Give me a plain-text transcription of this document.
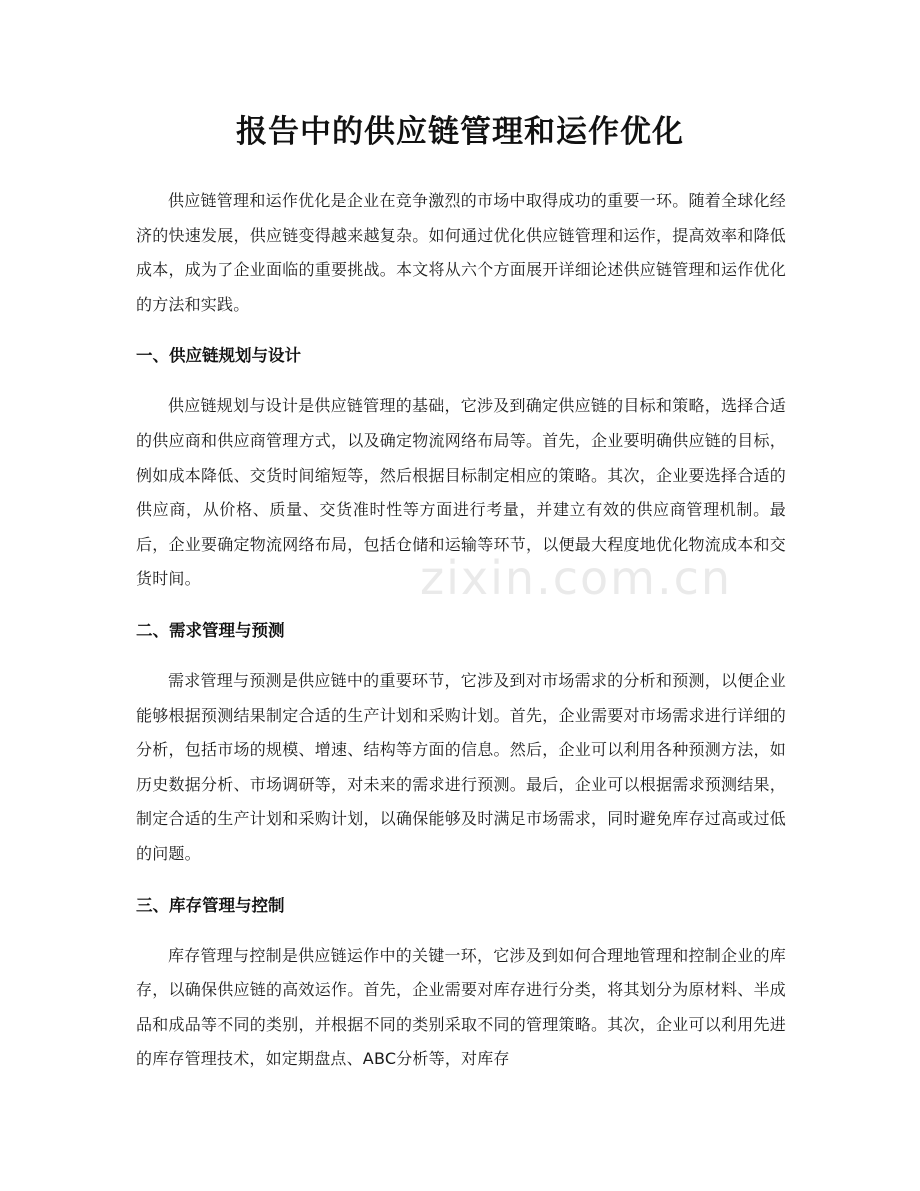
报告中的供应链管理和运作优化

供应链管理和运作优化是企业在竞争激烈的市场中取得成功的重要一环。随着全球化经济的快速发展，供应链变得越来越复杂。如何通过优化供应链管理和运作，提高效率和降低成本，成为了企业面临的重要挑战。本文将从六个方面展开详细论述供应链管理和运作优化的方法和实践。

一、供应链规划与设计

供应链规划与设计是供应链管理的基础，它涉及到确定供应链的目标和策略，选择合适的供应商和供应商管理方式，以及确定物流网络布局等。首先，企业要明确供应链的目标，例如成本降低、交货时间缩短等，然后根据目标制定相应的策略。其次，企业要选择合适的供应商，从价格、质量、交货准时性等方面进行考量，并建立有效的供应商管理机制。最后，企业要确定物流网络布局，包括仓储和运输等环节，以便最大程度地优化物流成本和交货时间。

二、需求管理与预测

需求管理与预测是供应链中的重要环节，它涉及到对市场需求的分析和预测，以便企业能够根据预测结果制定合适的生产计划和采购计划。首先，企业需要对市场需求进行详细的分析，包括市场的规模、增速、结构等方面的信息。然后，企业可以利用各种预测方法，如历史数据分析、市场调研等，对未来的需求进行预测。最后，企业可以根据需求预测结果，制定合适的生产计划和采购计划，以确保能够及时满足市场需求，同时避免库存过高或过低的问题。

三、库存管理与控制

库存管理与控制是供应链运作中的关键一环，它涉及到如何合理地管理和控制企业的库存，以确保供应链的高效运作。首先，企业需要对库存进行分类，将其划分为原材料、半成品和成品等不同的类别，并根据不同的类别采取不同的管理策略。其次，企业可以利用先进的库存管理技术，如定期盘点、ABC分析等，对库存

zixin.com.cn
